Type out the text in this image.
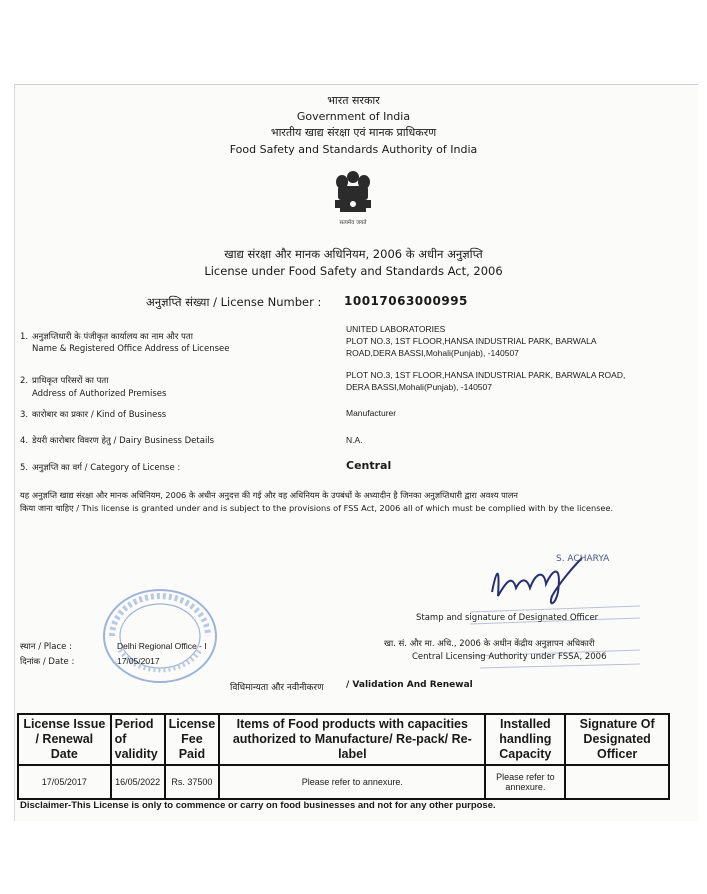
भारत सरकार
Government of India
भारतीय खाद्य संरक्षा एवं मानक प्राधिकरण
Food Safety and Standards Authority of India
सत्यमेव जयते
खाद्य संरक्षा और मानक अधिनियम, 2006 के अधीन अनुज्ञप्ति
License under Food Safety and Standards Act, 2006
अनुज्ञप्ति संख्या / License Number : 10017063000995
1. अनुज्ञप्तिधारी के पंजीकृत कार्यालय का नाम और पता
Name & Registered Office Address of Licensee
UNITED LABORATORIES
PLOT NO.3, 1ST FLOOR,HANSA INDUSTRIAL PARK, BARWALA
ROAD,DERA BASSI,Mohali(Punjab), -140507
2. प्राधिकृत परिसरों का पता
Address of Authorized Premises
PLOT NO.3, 1ST FLOOR,HANSA INDUSTRIAL PARK, BARWALA ROAD,
DERA BASSI,Mohali(Punjab), -140507
3. कारोबार का प्रकार / Kind of Business	Manufacturer
4. डेयरी कारोबार विवरण हेतु / Dairy Business Details	N.A.
5. अनुज्ञप्ति का वर्ग / Category of License :	Central
यह अनुज्ञप्ति खाद्य संरक्षा और मानक अधिनियम, 2006 के अधीन अनुदत्त की गई और वह अधिनियम के उपबंधों के अध्यादीन है जिनका अनुज्ञप्तिधारी द्वारा अवश्य पालन
किया जाना चाहिए / This license is granted under and is subject to the provisions of FSS Act, 2006 all of which must be complied with by the licensee.
S. ACHARYA
स्थान / Place :	Delhi Regional Office - I
दिनांक / Date :	17/05/2017
Stamp and signature of Designated Officer
खा. सं. और मा. अधि., 2006 के अधीन केंद्रीय अनुज्ञापन अधिकारी
Central Licensing Authority under FSSA, 2006
विधिमान्यता और नवीनीकरण / Validation And Renewal
License Issue / Renewal Date	Period of validity	License Fee Paid	Items of Food products with capacities authorized to Manufacture/ Re-pack/ Re-label	Installed handling Capacity	Signature Of Designated Officer
17/05/2017	16/05/2022	Rs. 37500	Please refer to annexure.	Please refer to annexure.	
Disclaimer-This License is only to commence or carry on food businesses and not for any other purpose.
